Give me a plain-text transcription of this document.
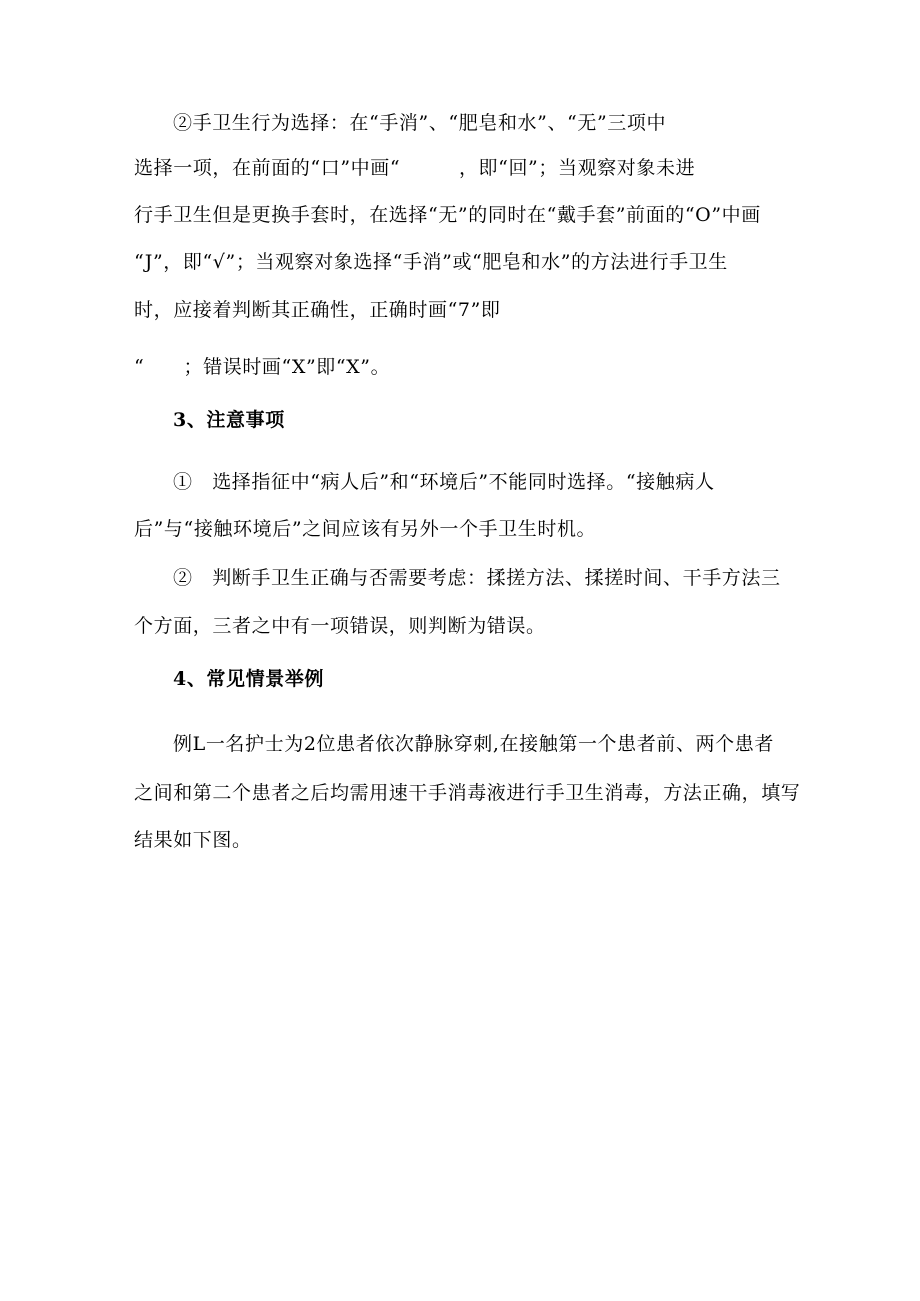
②手卫生行为选择：在“手消”、“肥皂和水”、“无”三项中
选择一项，在前面的“口”中画“　　　，即“回”；当观察对象未进
行手卫生但是更换手套时，在选择“无”的同时在“戴手套”前面的“O”中画
“J”，即“√”；当观察对象选择“手消”或“肥皂和水”的方法进行手卫生
时，应接着判断其正确性，正确时画“7”即
“　　；错误时画“X”即“X”。
3、注意事项
①　选择指征中“病人后”和“环境后”不能同时选择。“接触病人
后”与“接触环境后”之间应该有另外一个手卫生时机。
②　判断手卫生正确与否需要考虑：揉搓方法、揉搓时间、干手方法三
个方面，三者之中有一项错误，则判断为错误。
4、常见情景举例
例L一名护士为2位患者依次静脉穿刺,在接触第一个患者前、两个患者
之间和第二个患者之后均需用速干手消毒液进行手卫生消毒，方法正确，填写
结果如下图。
